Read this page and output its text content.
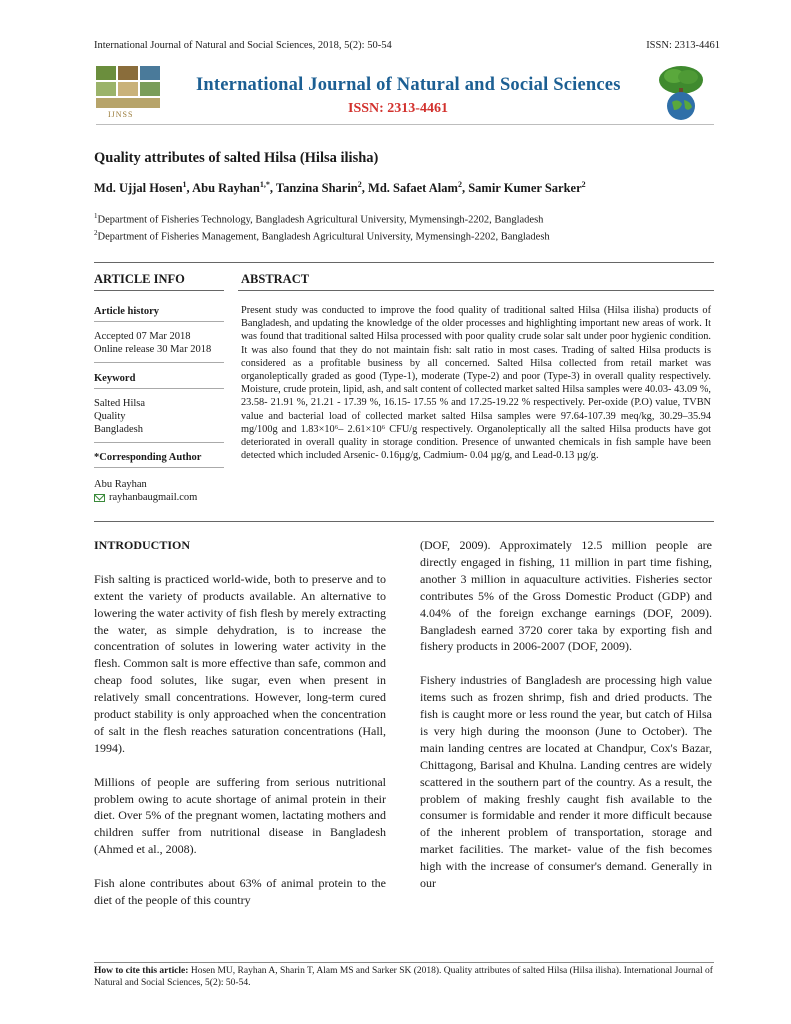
International Journal of Natural and Social Sciences, 2018, 5(2): 50-54	ISSN: 2313-4461
IJNSS
International Journal of Natural and Social Sciences
ISSN: 2313-4461
Quality attributes of salted Hilsa (Hilsa ilisha)
Md. Ujjal Hosen$^1$, Abu Rayhan$^{1,*}$, Tanzina Sharin$^2$, Md. Safaet Alam$^2$, Samir Kumer Sarker$^2$
$^1$Department of Fisheries Technology, Bangladesh Agricultural University, Mymensingh-2202, Bangladesh
$^2$Department of Fisheries Management, Bangladesh Agricultural University, Mymensingh-2202, Bangladesh
ARTICLE INFO	ABSTRACT
Article history
Accepted 07 Mar 2018
Online release 30 Mar 2018
Keyword
Salted Hilsa
Quality
Bangladesh
*Corresponding Author
Abu Rayhan
rayhanbaugmail.com
Present study was conducted to improve the food quality of traditional salted Hilsa (Hilsa ilisha) products of Bangladesh, and updating the knowledge of the older processes and highlighting important new areas of work. It was found that traditional salted Hilsa processed with poor quality crude solar salt under poor hygienic condition. It was also found that they do not maintain fish: salt ratio in most cases. Trading of salted Hilsa products is considered as a profitable business by all concerned. Salted Hilsa collected from retail market was organoleptically graded as good (Type-1), moderate (Type-2) and poor (Type-3) in overall quality respectively. Moisture, crude protein, lipid, ash, and salt content of collected market salted Hilsa samples were 40.03- 43.09 %, 23.58- 21.91 %, 21.21 - 17.39 %, 16.15- 17.55 % and 17.25-19.22 % respectively. Per-oxide (P.O) value, TVBN value and bacterial load of collected market salted Hilsa samples were 97.64-107.39 meq/kg, 30.29–35.94 mg/100g and 1.83×10⁶– 2.61×10⁶ CFU/g respectively. Organoleptically all the salted Hilsa products have got deteriorated in overall quality in storage condition. Presence of unwanted chemicals in fish sample have been detected which included Arsenic- 0.16µg/g, Cadmium- 0.04 µg/g, and Lead-0.13 µg/g.
INTRODUCTION

Fish salting is practiced world-wide, both to preserve and to extent the variety of products available. An alternative to lowering the water activity of fish flesh by merely extracting the water, as simple dehydration, is to increase the concentration of solutes in lowering water activity in the flesh. Common salt is more effective than safe, common and cheap food solutes, like sugar, even when present in relatively small concentrations. However, long-term cured product stability is only approached when the concentration of salt in the flesh reaches saturation concentrations (Hall, 1994).

Millions of people are suffering from serious nutritional problem owing to acute shortage of animal protein in their diet. Over 5% of the pregnant women, lactating mothers and children suffer from nutritional disease in Bangladesh (Ahmed et al., 2008).

Fish alone contributes about 63% of animal protein to the diet of the people of this country

(DOF, 2009). Approximately 12.5 million people are directly engaged in fishing, 11 million in part time fishing, another 3 million in aquaculture activities. Fisheries sector contributes 5% of the Gross Domestic Product (GDP) and 4.04% of the foreign exchange earnings (DOF, 2009). Bangladesh earned 3720 corer taka by exporting fish and fishery products in 2006-2007 (DOF, 2009).

Fishery industries of Bangladesh are processing high value items such as frozen shrimp, fish and dried products. The fish is caught more or less round the year, but catch of Hilsa is very high during the moonson (June to October). The main landing centres are located at Chandpur, Cox's Bazar, Chittagong, Barisal and Khulna. Landing centres are widely scattered in the southern part of the country. As a result, the problem of making freshly caught fish available to the consumer is formidable and render it more difficult because of the inherent problem of transportation, storage and market facilities. The market- value of the fish becomes high with the increase of consumer's demand. Generally in our

How to cite this article: Hosen MU, Rayhan A, Sharin T, Alam MS and Sarker SK (2018). Quality attributes of salted Hilsa (Hilsa ilisha). International Journal of Natural and Social Sciences, 5(2): 50-54.
